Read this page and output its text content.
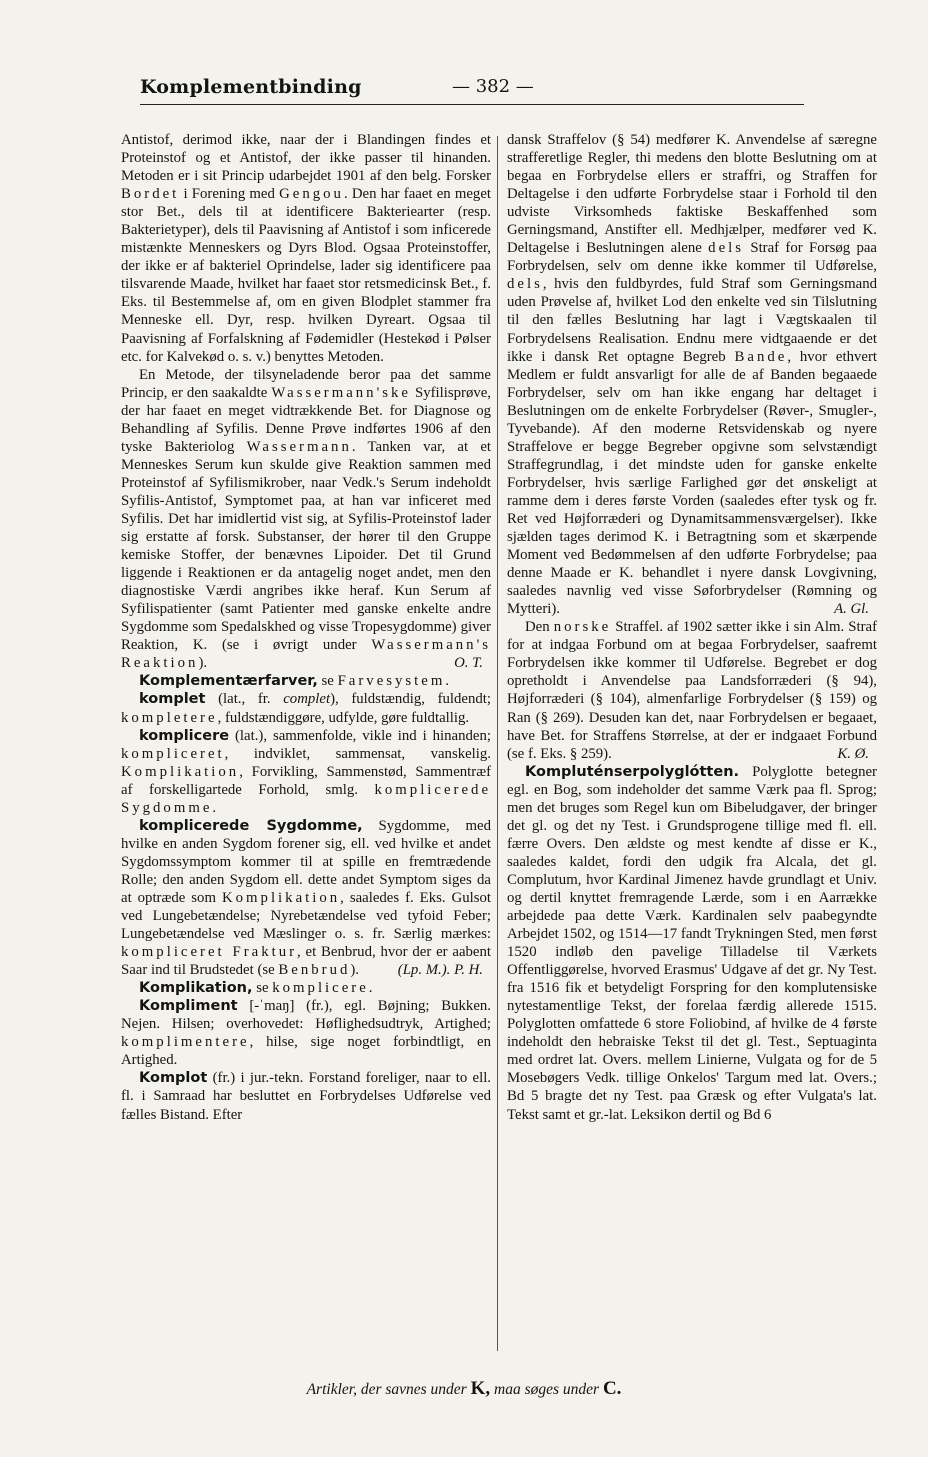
Komplementbinding	— 382 —

Antistof, derimod ikke, naar der i Blandingen findes et Proteinstof og et Antistof, der ikke passer til hinanden. Metoden er i sit Princip udarbejdet 1901 af den belg. Forsker Bordet i Forening med Gengou. Den har faaet en meget stor Bet., dels til at identificere Bakteriearter (resp. Bakterietyper), dels til Paavisning af Antistof i som inficerede mistænkte Menneskers og Dyrs Blod. Ogsaa Proteinstoffer, der ikke er af bakteriel Oprindelse, lader sig identificere paa tilsvarende Maade, hvilket har faaet stor retsmedicinsk Bet., f. Eks. til Bestemmelse af, om en given Blodplet stammer fra Menneske ell. Dyr, resp. hvilken Dyreart. Ogsaa til Paavisning af Forfalskning af Fødemidler (Hestekød i Pølser etc. for Kalvekød o. s. v.) benyttes Metoden.

En Metode, der tilsyneladende beror paa det samme Princip, er den saakaldte Wassermann'ske Syfilisprøve, der har faaet en meget vidtrækkende Bet. for Diagnose og Behandling af Syfilis. Denne Prøve indførtes 1906 af den tyske Bakteriolog Wassermann. Tanken var, at et Menneskes Serum kun skulde give Reaktion sammen med Proteinstof af Syfilismikrober, naar Vedk.'s Serum indeholdt Syfilis-Antistof, Symptomet paa, at han var inficeret med Syfilis. Det har imidlertid vist sig, at Syfilis-Proteinstof lader sig erstatte af forsk. Substanser, der hører til den Gruppe kemiske Stoffer, der benævnes Lipoider. Det til Grund liggende i Reaktionen er da antagelig noget andet, men den diagnostiske Værdi angribes ikke heraf. Kun Serum af Syfilispatienter (samt Patienter med ganske enkelte andre Sygdomme som Spedalskhed og visse Tropesygdomme) giver Reaktion, K. (se i øvrigt under Wassermann's Reaktion).	O. T.

Komplementærfarver, se Farvesystem.

komplet (lat., fr. complet), fuldstændig, fuldendt; kompletere, fuldstændiggøre, udfylde, gøre fuldtallig.

komplicere (lat.), sammenfolde, vikle ind i hinanden; kompliceret, indviklet, sammensat, vanskelig. Komplikation, Forvikling, Sammenstød, Sammentræf af forskelligartede Forhold, smlg. komplicerede Sygdomme.

komplicerede Sygdomme, Sygdomme, med hvilke en anden Sygdom forener sig, ell. ved hvilke et andet Sygdomssymptom kommer til at spille en fremtrædende Rolle; den anden Sygdom ell. dette andet Symptom siges da at optræde som Komplikation, saaledes f. Eks. Gulsot ved Lungebetændelse; Nyrebetændelse ved tyfoid Feber; Lungebetændelse ved Mæslinger o. s. fr. Særlig mærkes: kompliceret Fraktur, et Benbrud, hvor der er aabent Saar ind til Brudstedet (se Benbrud).	(Lp. M.). P. H.

Komplikation, se komplicere.

Kompliment [-ˈmaŋ] (fr.), egl. Bøjning; Bukken. Nejen. Hilsen; overhovedet: Høflighedsudtryk, Artighed; komplimentere, hilse, sige noget forbindtligt, en Artighed.

Komplot (fr.) i jur.-tekn. Forstand foreliger, naar to ell. fl. i Samraad har besluttet en Forbrydelses Udførelse ved fælles Bistand. Efter

dansk Straffelov (§ 54) medfører K. Anvendelse af særegne strafferetlige Regler, thi medens den blotte Beslutning om at begaa en Forbrydelse ellers er straffri, og Straffen for Deltagelse i den udførte Forbrydelse staar i Forhold til den udviste Virksomheds faktiske Beskaffenhed som Gerningsmand, Anstifter ell. Medhjælper, medfører ved K. Deltagelse i Beslutningen alene dels Straf for Forsøg paa Forbrydelsen, selv om denne ikke kommer til Udførelse, dels, hvis den fuldbyrdes, fuld Straf som Gerningsmand uden Prøvelse af, hvilket Lod den enkelte ved sin Tilslutning til den fælles Beslutning har lagt i Vægtskaalen til Forbrydelsens Realisation. Endnu mere vidtgaaende er det ikke i dansk Ret optagne Begreb Bande, hvor ethvert Medlem er fuldt ansvarligt for alle de af Banden begaaede Forbrydelser, selv om han ikke engang har deltaget i Beslutningen om de enkelte Forbrydelser (Røver-, Smugler-, Tyvebande). Af den moderne Retsvidenskab og nyere Straffelove er begge Begreber opgivne som selvstændigt Straffegrundlag, i det mindste uden for ganske enkelte Forbrydelser, hvis særlige Farlighed gør det ønskeligt at ramme dem i deres første Vorden (saaledes efter tysk og fr. Ret ved Højforræderi og Dynamitsammensværgelser). Ikke sjælden tages derimod K. i Betragtning som et skærpende Moment ved Bedømmelsen af den udførte Forbrydelse; paa denne Maade er K. behandlet i nyere dansk Lovgivning, saaledes navnlig ved visse Søforbrydelser (Rømning og Mytteri).	A. Gl.

Den norske Straffel. af 1902 sætter ikke i sin Alm. Straf for at indgaa Forbund om at begaa Forbrydelser, saafremt Forbrydelsen ikke kommer til Udførelse. Begrebet er dog opretholdt i Anvendelse paa Landsforræderi (§ 94), Højforræderi (§ 104), almenfarlige Forbrydelser (§ 159) og Ran (§ 269). Desuden kan det, naar Forbrydelsen er begaaet, have Bet. for Straffens Størrelse, at der er indgaaet Forbund (se f. Eks. § 259).	K. Ø.

Kompluténserpolyglótten. Polyglotte betegner egl. en Bog, som indeholder det samme Værk paa fl. Sprog; men det bruges som Regel kun om Bibeludgaver, der bringer det gl. og det ny Test. i Grundsprogene tillige med fl. ell. færre Overs. Den ældste og mest kendte af disse er K., saaledes kaldet, fordi den udgik fra Alcala, det gl. Complutum, hvor Kardinal Jimenez havde grundlagt et Univ. og dertil knyttet fremragende Lærde, som i en Aarrække arbejdede paa dette Værk. Kardinalen selv paabegyndte Arbejdet 1502, og 1514—17 fandt Trykningen Sted, men først 1520 indløb den pavelige Tilladelse til Værkets Offentliggørelse, hvorved Erasmus' Udgave af det gr. Ny Test. fra 1516 fik et betydeligt Forspring for den komplutensiske nytestamentlige Tekst, der forelaa færdig allerede 1515. Polyglotten omfattede 6 store Foliobind, af hvilke de 4 første indeholdt den hebraiske Tekst til det gl. Test., Septuaginta med ordret lat. Overs. mellem Linierne, Vulgata og for de 5 Mosebøgers Vedk. tillige Onkelos' Targum med lat. Overs.; Bd 5 bragte det ny Test. paa Græsk og efter Vulgata's lat. Tekst samt et gr.-lat. Leksikon dertil og Bd 6

Artikler, der savnes under K, maa søges under C.
